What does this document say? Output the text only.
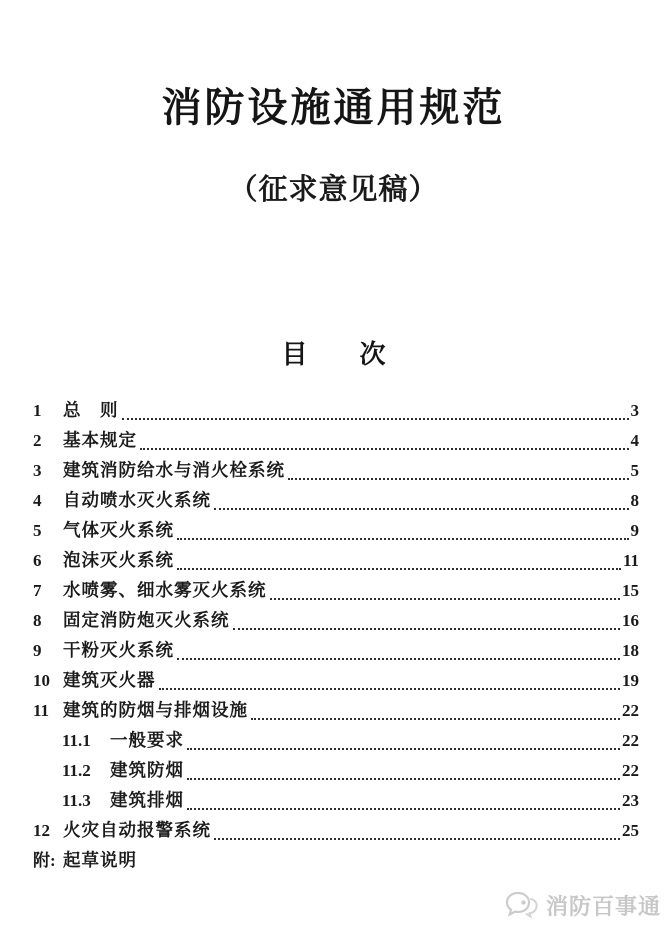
消防设施通用规范
（征求意见稿）
目　　次
1	总　则	3
2	基本规定	4
3	建筑消防给水与消火栓系统	5
4	自动喷水灭火系统	8
5	气体灭火系统	9
6	泡沫灭火系统	11
7	水喷雾、细水雾灭火系统	15
8	固定消防炮灭火系统	16
9	干粉灭火系统	18
10 建筑灭火器	19
11 建筑的防烟与排烟设施	22
11.1	一般要求	22
11.2	建筑防烟	22
11.3	建筑排烟	23
12 火灾自动报警系统	25
附: 起草说明
消防百事通
